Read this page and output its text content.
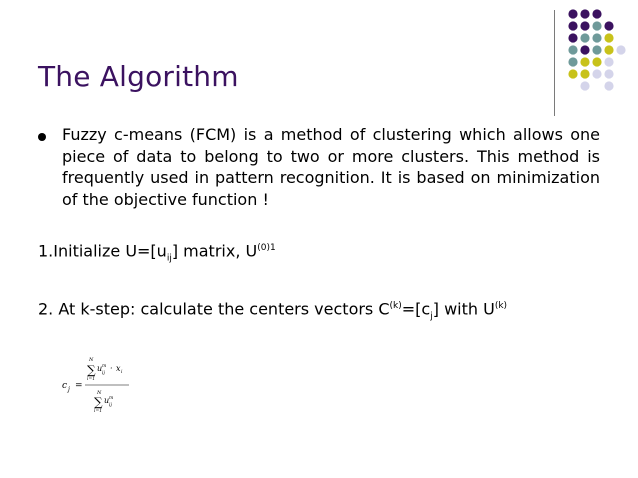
The Algorithm

Fuzzy c-means (FCM) is a method of clustering which allows one piece of data to belong to two or more clusters. This method is frequently used in pattern recognition. It is based on minimization of the objective function !

1.Initialize $U=[u_{ij}]$ matrix, $U^{(0)1}$
2. At k-step: calculate the centers vectors $C^{(k)}=[c_j]$ with $U^{(k)}$
c j =
N
∑
i=1
u m
ij
· x i
N
∑
i=1
u m
ij
